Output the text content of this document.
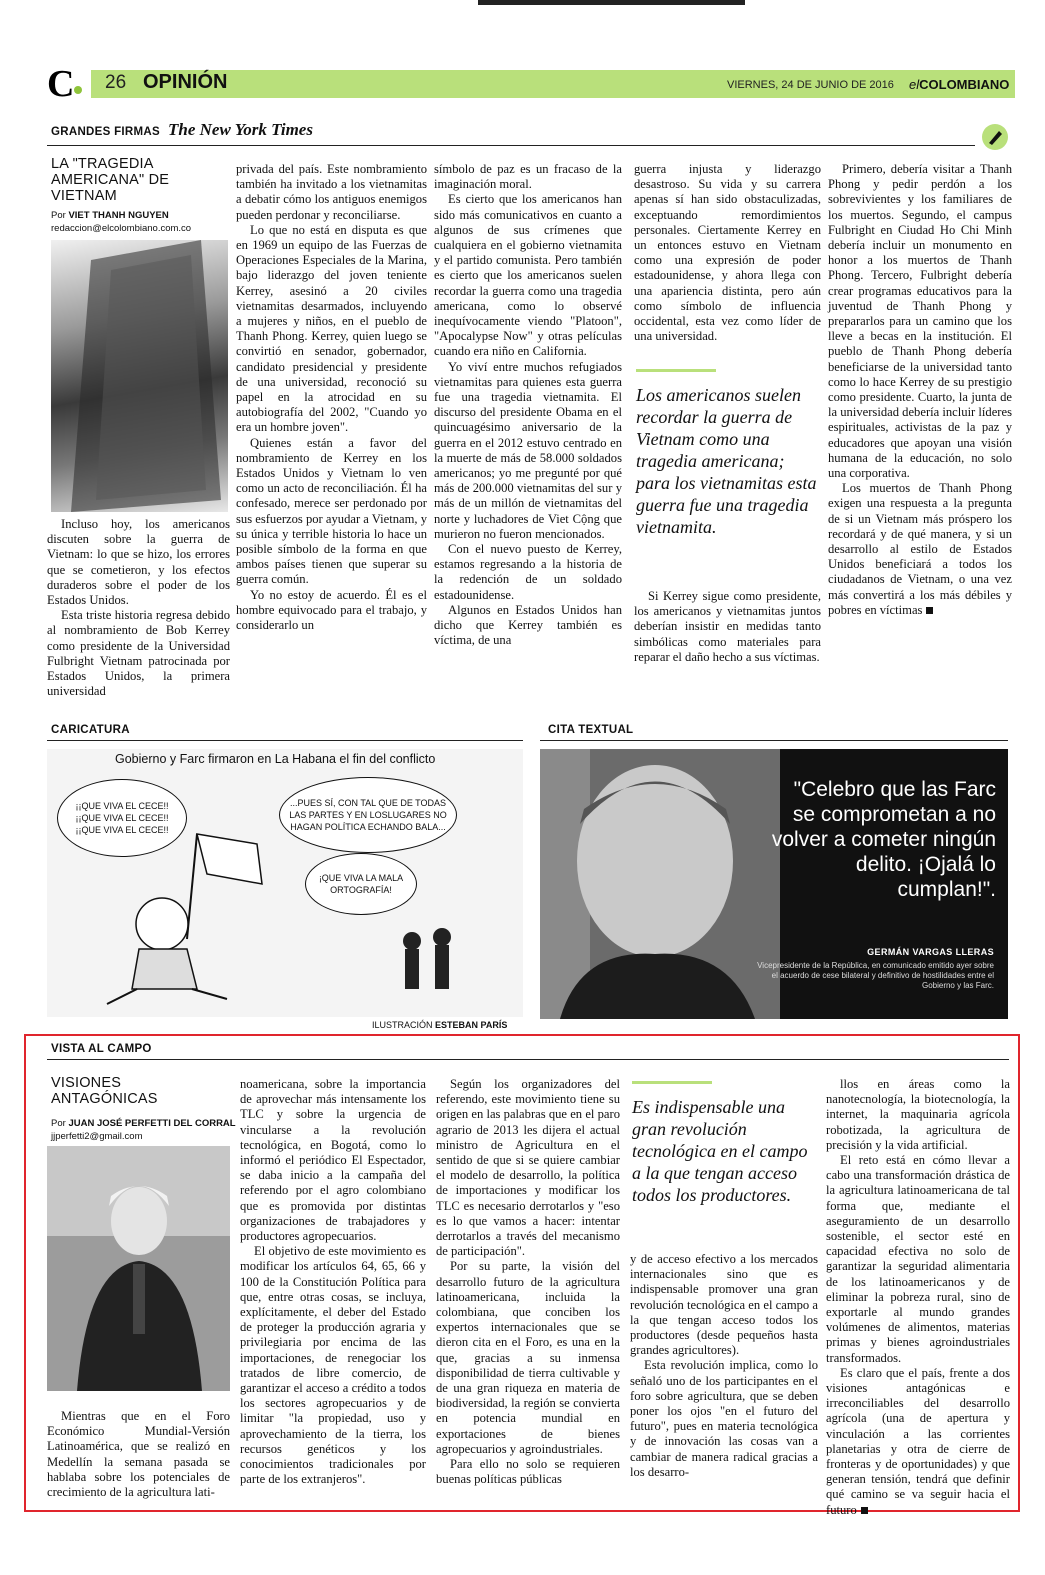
C	26 OPINIÓN	VIERNES, 24 DE JUNIO DE 2016 elCOLOMBIANO
GRANDES FIRMAS The New York Times
LA "TRAGEDIA AMERICANA" DE VIETNAM
Por VIET THANH NGUYEN
redaccion@elcolombiano.com.co

Incluso hoy, los americanos discuten sobre la guerra de Vietnam: lo que se hizo, los errores que se cometieron, y los efectos duraderos sobre el poder de los Estados Unidos.

Esta triste historia regresa debido al nombramiento de Bob Kerrey como presidente de la Universidad Fulbright Vietnam patrocinada por Estados Unidos, la primera universidad

privada del país. Este nombramiento también ha invitado a los vietnamitas a debatir cómo los antiguos enemigos pueden perdonar y reconciliarse.

Lo que no está en disputa es que en 1969 un equipo de las Fuerzas de Operaciones Especiales de la Marina, bajo liderazgo del joven teniente Kerrey, asesinó a 20 civiles vietnamitas desarmados, incluyendo a mujeres y niños, en el pueblo de Thanh Phong. Kerrey, quien luego se convirtió en senador, gobernador, candidato presidencial y presidente de una universidad, reconoció su papel en la atrocidad en su autobiografía del 2002, "Cuando yo era un hombre joven".

Quienes están a favor del nombramiento de Kerrey en los Estados Unidos y Vietnam lo ven como un acto de reconciliación. Él ha confesado, merece ser perdonado por sus esfuerzos por ayudar a Vietnam, y su única y terrible historia lo hace un posible símbolo de la forma en que ambos países tienen que superar su guerra común.

Yo no estoy de acuerdo. Él es el hombre equivocado para el trabajo, y considerarlo un

símbolo de paz es un fracaso de la imaginación moral.

Es cierto que los americanos han sido más comunicativos en cuanto a algunos de sus crímenes que cualquiera en el gobierno vietnamita y el partido comunista. Pero también es cierto que los americanos suelen recordar la guerra como una tragedia americana, como lo observé inequívocamente viendo "Platoon", "Apocalypse Now" y otras películas cuando era niño en California.

Yo viví entre muchos refugiados vietnamitas para quienes esta guerra fue una tragedia vietnamita. El discurso del presidente Obama en el quincuagésimo aniversario de la guerra en el 2012 estuvo centrado en la muerte de más de 58.000 soldados americanos; yo me pregunté por qué más de 200.000 vietnamitas del sur y más de un millón de vietnamitas del norte y luchadores de Viet Cộng que murieron no fueron mencionados.

Con el nuevo puesto de Kerrey, estamos regresando a la historia de la redención de un soldado estadounidense.

Algunos en Estados Unidos han dicho que Kerrey también es víctima, de una

guerra injusta y liderazgo desastroso. Su vida y su carrera apenas sí han sido obstaculizadas, exceptuando remordimientos personales. Ciertamente Kerrey en un entonces estuvo en Vietnam como una expresión de poder estadounidense, y ahora llega con una apariencia distinta, pero aún como símbolo de influencia occidental, esta vez como líder de una universidad.

Los americanos suelen recordar la guerra de Vietnam como una tragedia americana; para los vietnamitas esta guerra fue una tragedia vietnamita.

Si Kerrey sigue como presidente, los americanos y vietnamitas juntos deberían insistir en medidas tanto simbólicas como materiales para reparar el daño hecho a sus víctimas.

Primero, debería visitar a Thanh Phong y pedir perdón a los sobrevivientes y los familiares de los muertos. Segundo, el campus Fulbright en Ciudad Ho Chi Minh debería incluir un monumento en honor a los muertos de Thanh Phong. Tercero, Fulbright debería crear programas educativos para la juventud de Thanh Phong y prepararlos para un camino que los lleve a becas en la institución. El pueblo de Thanh Phong debería beneficiarse de la universidad tanto como lo hace Kerrey de su prestigio como presidente. Cuarto, la junta de la universidad debería incluir líderes espirituales, activistas de la paz y educadores que apoyan una visión humana de la educación, no solo una corporativa.

Los muertos de Thanh Phong exigen una respuesta a la pregunta de si un Vietnam más próspero los recordará y de qué manera, y si un desarrollo al estilo de Estados Unidos beneficiará a todos los ciudadanos de Vietnam, o una vez más convertirá a los más débiles y pobres en víctimas

CARICATURA
Gobierno y Farc firmaron en La Habana el fin del conflicto
¡¡QUE VIVA EL CECE!! ¡¡QUE VIVA EL CECE!! ¡¡QUE VIVA EL CECE!!
...PUES SÍ, CON TAL QUE DE TODAS LAS PARTES Y EN LOSLUGARES NO HAGAN POLÍTICA ECHANDO BALA...
¡QUE VIVA LA MALA ORTOGRAFÍA!
ILUSTRACIÓN ESTEBAN PARÍS
CITA TEXTUAL
"Celebro que las Farc se comprometan a no volver a cometer ningún delito. ¡Ojalá lo cumplan!".
GERMÁN VARGAS LLERAS
Vicepresidente de la República, en comunicado emitido ayer sobre el acuerdo de cese bilateral y definitivo de hostilidades entre el Gobierno y las Farc.
VISTA AL CAMPO
VISIONES ANTAGÓNICAS
Por JUAN JOSÉ PERFETTI DEL CORRAL
jjperfetti2@gmail.com

Mientras que en el Foro Económico Mundial-Versión Latinoamérica, que se realizó en Medellín la semana pasada se hablaba sobre los potenciales de crecimiento de la agricultura lati-

noamericana, sobre la importancia de aprovechar más intensamente los TLC y sobre la urgencia de vincularse a la revolución tecnológica, en Bogotá, como lo informó el periódico El Espectador, se daba inicio a la campaña del referendo por el agro colombiano que es promovida por distintas organizaciones de trabajadores y productores agropecuarios.

El objetivo de este movimiento es modificar los artículos 64, 65, 66 y 100 de la Constitución Política para que, entre otras cosas, se incluya, explícitamente, el deber del Estado de proteger la producción agraria y privilegiaria por encima de las importaciones, de renegociar los tratados de libre comercio, de garantizar el acceso a crédito a todos los sectores agropecuarios y de limitar "la propiedad, uso y aprovechamiento de la tierra, los recursos genéticos y los conocimientos tradicionales por parte de los extranjeros".

Según los organizadores del referendo, este movimiento tiene su origen en las palabras que en el paro agrario de 2013 les dijera el actual ministro de Agricultura en el sentido de que si se quiere cambiar el modelo de desarrollo, la política de importaciones y modificar los TLC es necesario derrotarlos y "eso es lo que vamos a hacer: intentar derrotarlos a través del mecanismo de participación".

Por su parte, la visión del desarrollo futuro de la agricultura latinoamericana, incluida la colombiana, que conciben los expertos internacionales que se dieron cita en el Foro, es una en la que, gracias a su inmensa disponibilidad de tierra cultivable y de una gran riqueza en materia de biodiversidad, la región se convierta en potencia mundial en exportaciones de bienes agropecuarios y agroindustriales.

Para ello no solo se requieren buenas políticas públicas

Es indispensable una gran revolución tecnológica en el campo a la que tengan acceso todos los productores.

y de acceso efectivo a los mercados internacionales sino que es indispensable promover una gran revolución tecnológica en el campo a la que tengan acceso todos los productores (desde pequeños hasta grandes agricultores).

Esta revolución implica, como lo señaló uno de los participantes en el foro sobre agricultura, que se deben poner los ojos "en el futuro del futuro", pues en materia tecnológica y de innovación las cosas van a cambiar de manera radical gracias a los desarro-

llos en áreas como la nanotecnología, la biotecnología, la internet, la maquinaria agrícola robotizada, la agricultura de precisión y la vida artificial.

El reto está en cómo llevar a cabo una transformación drástica de la agricultura latinoamericana de tal forma que, mediante el aseguramiento de un desarrollo sostenible, el sector esté en capacidad efectiva no solo de garantizar la seguridad alimentaria de los latinoamericanos y de eliminar la pobreza rural, sino de exportarle al mundo grandes volúmenes de alimentos, materias primas y bienes agroindustriales transformados.

Es claro que el país, frente a dos visiones antagónicas e irreconciliables del desarrollo agrícola (una de apertura y vinculación a las corrientes planetarias y otra de cierre de fronteras y de oportunidades) y que generan tensión, tendrá que definir qué camino se va seguir hacia el futuro
